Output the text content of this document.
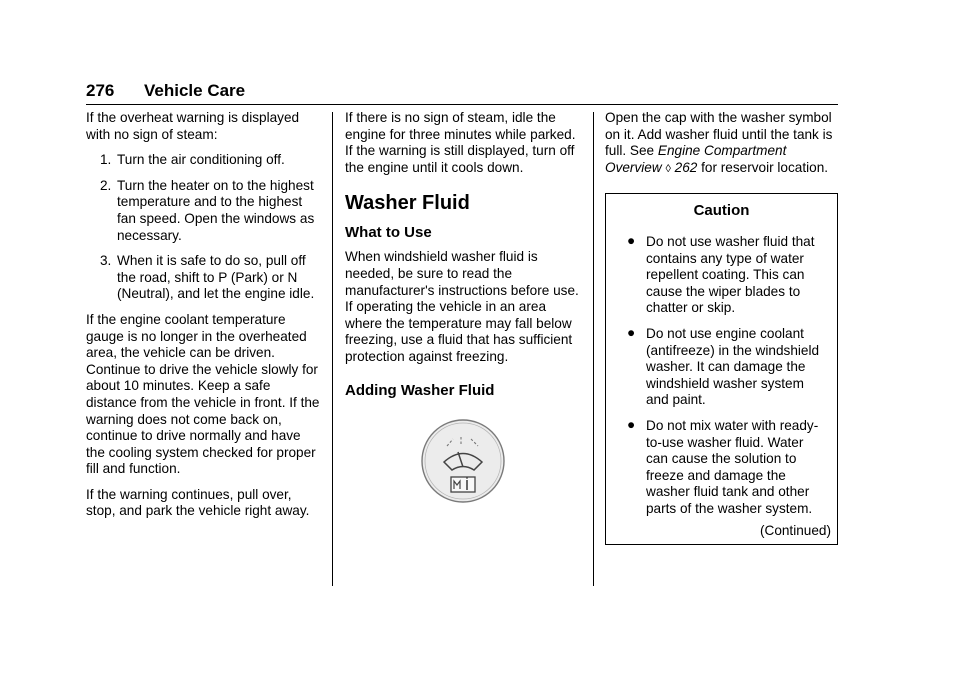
276 Vehicle Care

If the overheat warning is displayed with no sign of steam:

1. Turn the air conditioning off.
2. Turn the heater on to the highest temperature and to the highest fan speed. Open the windows as necessary.
3. When it is safe to do so, pull off the road, shift to P (Park) or N (Neutral), and let the engine idle.

If the engine coolant temperature gauge is no longer in the overheated area, the vehicle can be driven. Continue to drive the vehicle slowly for about 10 minutes. Keep a safe distance from the vehicle in front. If the warning does not come back on, continue to drive normally and have the cooling system checked for proper fill and function.

If the warning continues, pull over, stop, and park the vehicle right away.

If there is no sign of steam, idle the engine for three minutes while parked. If the warning is still displayed, turn off the engine until it cools down.

Washer Fluid
What to Use

When windshield washer fluid is needed, be sure to read the manufacturer's instructions before use. If operating the vehicle in an area where the temperature may fall below freezing, use a fluid that has sufficient protection against freezing.

Adding Washer Fluid

Open the cap with the washer symbol on it. Add washer fluid until the tank is full. See Engine Compartment Overview ◊ 262 for reservoir location.

Caution
● Do not use washer fluid that contains any type of water repellent coating. This can cause the wiper blades to chatter or skip.
● Do not use engine coolant (antifreeze) in the windshield washer. It can damage the windshield washer system and paint.
● Do not mix water with ready-to-use washer fluid. Water can cause the solution to freeze and damage the washer fluid tank and other parts of the washer system.
(Continued)
